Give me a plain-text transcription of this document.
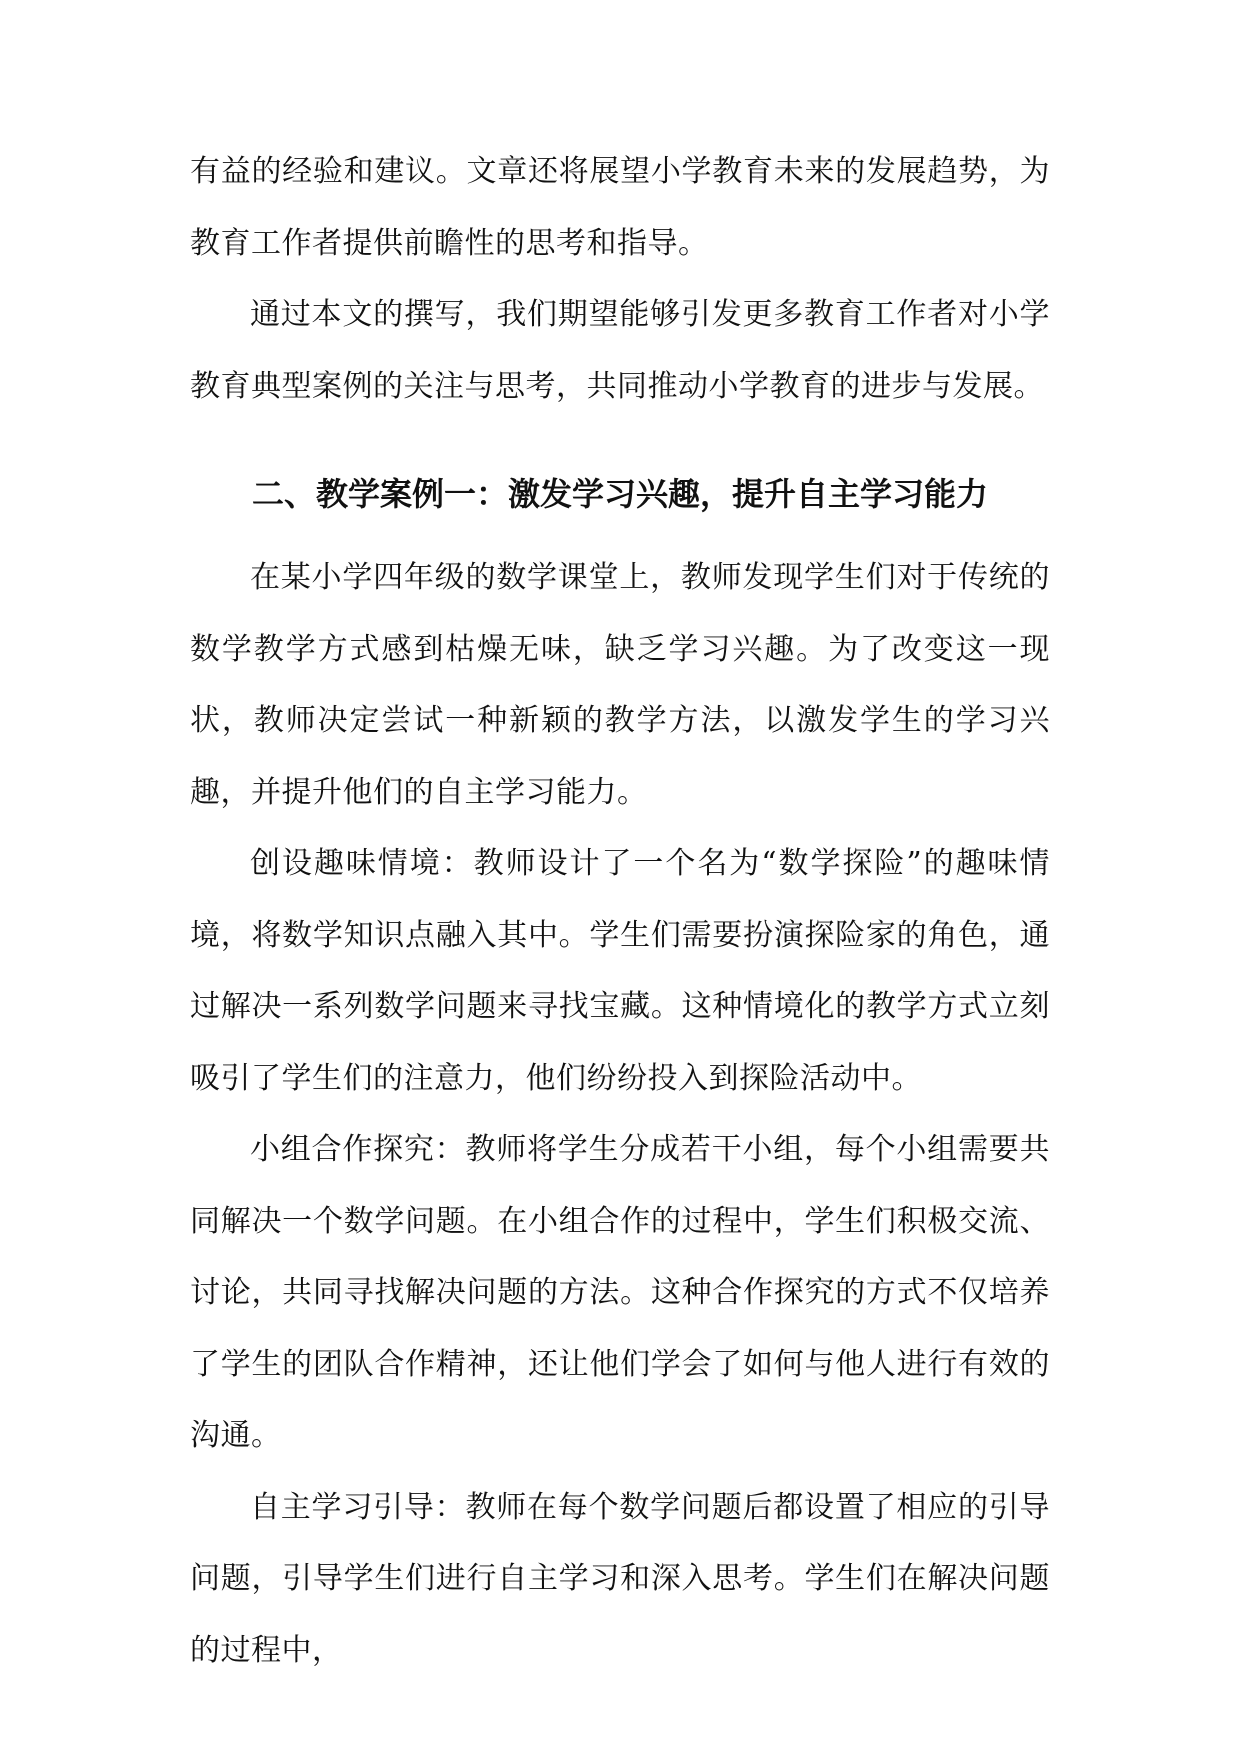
有益的经验和建议。文章还将展望小学教育未来的发展趋势，为教育工作者提供前瞻性的思考和指导。

通过本文的撰写，我们期望能够引发更多教育工作者对小学教育典型案例的关注与思考，共同推动小学教育的进步与发展。

二、教学案例一：激发学习兴趣，提升自主学习能力

在某小学四年级的数学课堂上，教师发现学生们对于传统的数学教学方式感到枯燥无味，缺乏学习兴趣。为了改变这一现状，教师决定尝试一种新颖的教学方法，以激发学生的学习兴趣，并提升他们的自主学习能力。

创设趣味情境：教师设计了一个名为“数学探险”的趣味情境，将数学知识点融入其中。学生们需要扮演探险家的角色，通过解决一系列数学问题来寻找宝藏。这种情境化的教学方式立刻吸引了学生们的注意力，他们纷纷投入到探险活动中。

小组合作探究：教师将学生分成若干小组，每个小组需要共同解决一个数学问题。在小组合作的过程中，学生们积极交流、讨论，共同寻找解决问题的方法。这种合作探究的方式不仅培养了学生的团队合作精神，还让他们学会了如何与他人进行有效的沟通。

自主学习引导：教师在每个数学问题后都设置了相应的引导问题，引导学生们进行自主学习和深入思考。学生们在解决问题的过程中，
